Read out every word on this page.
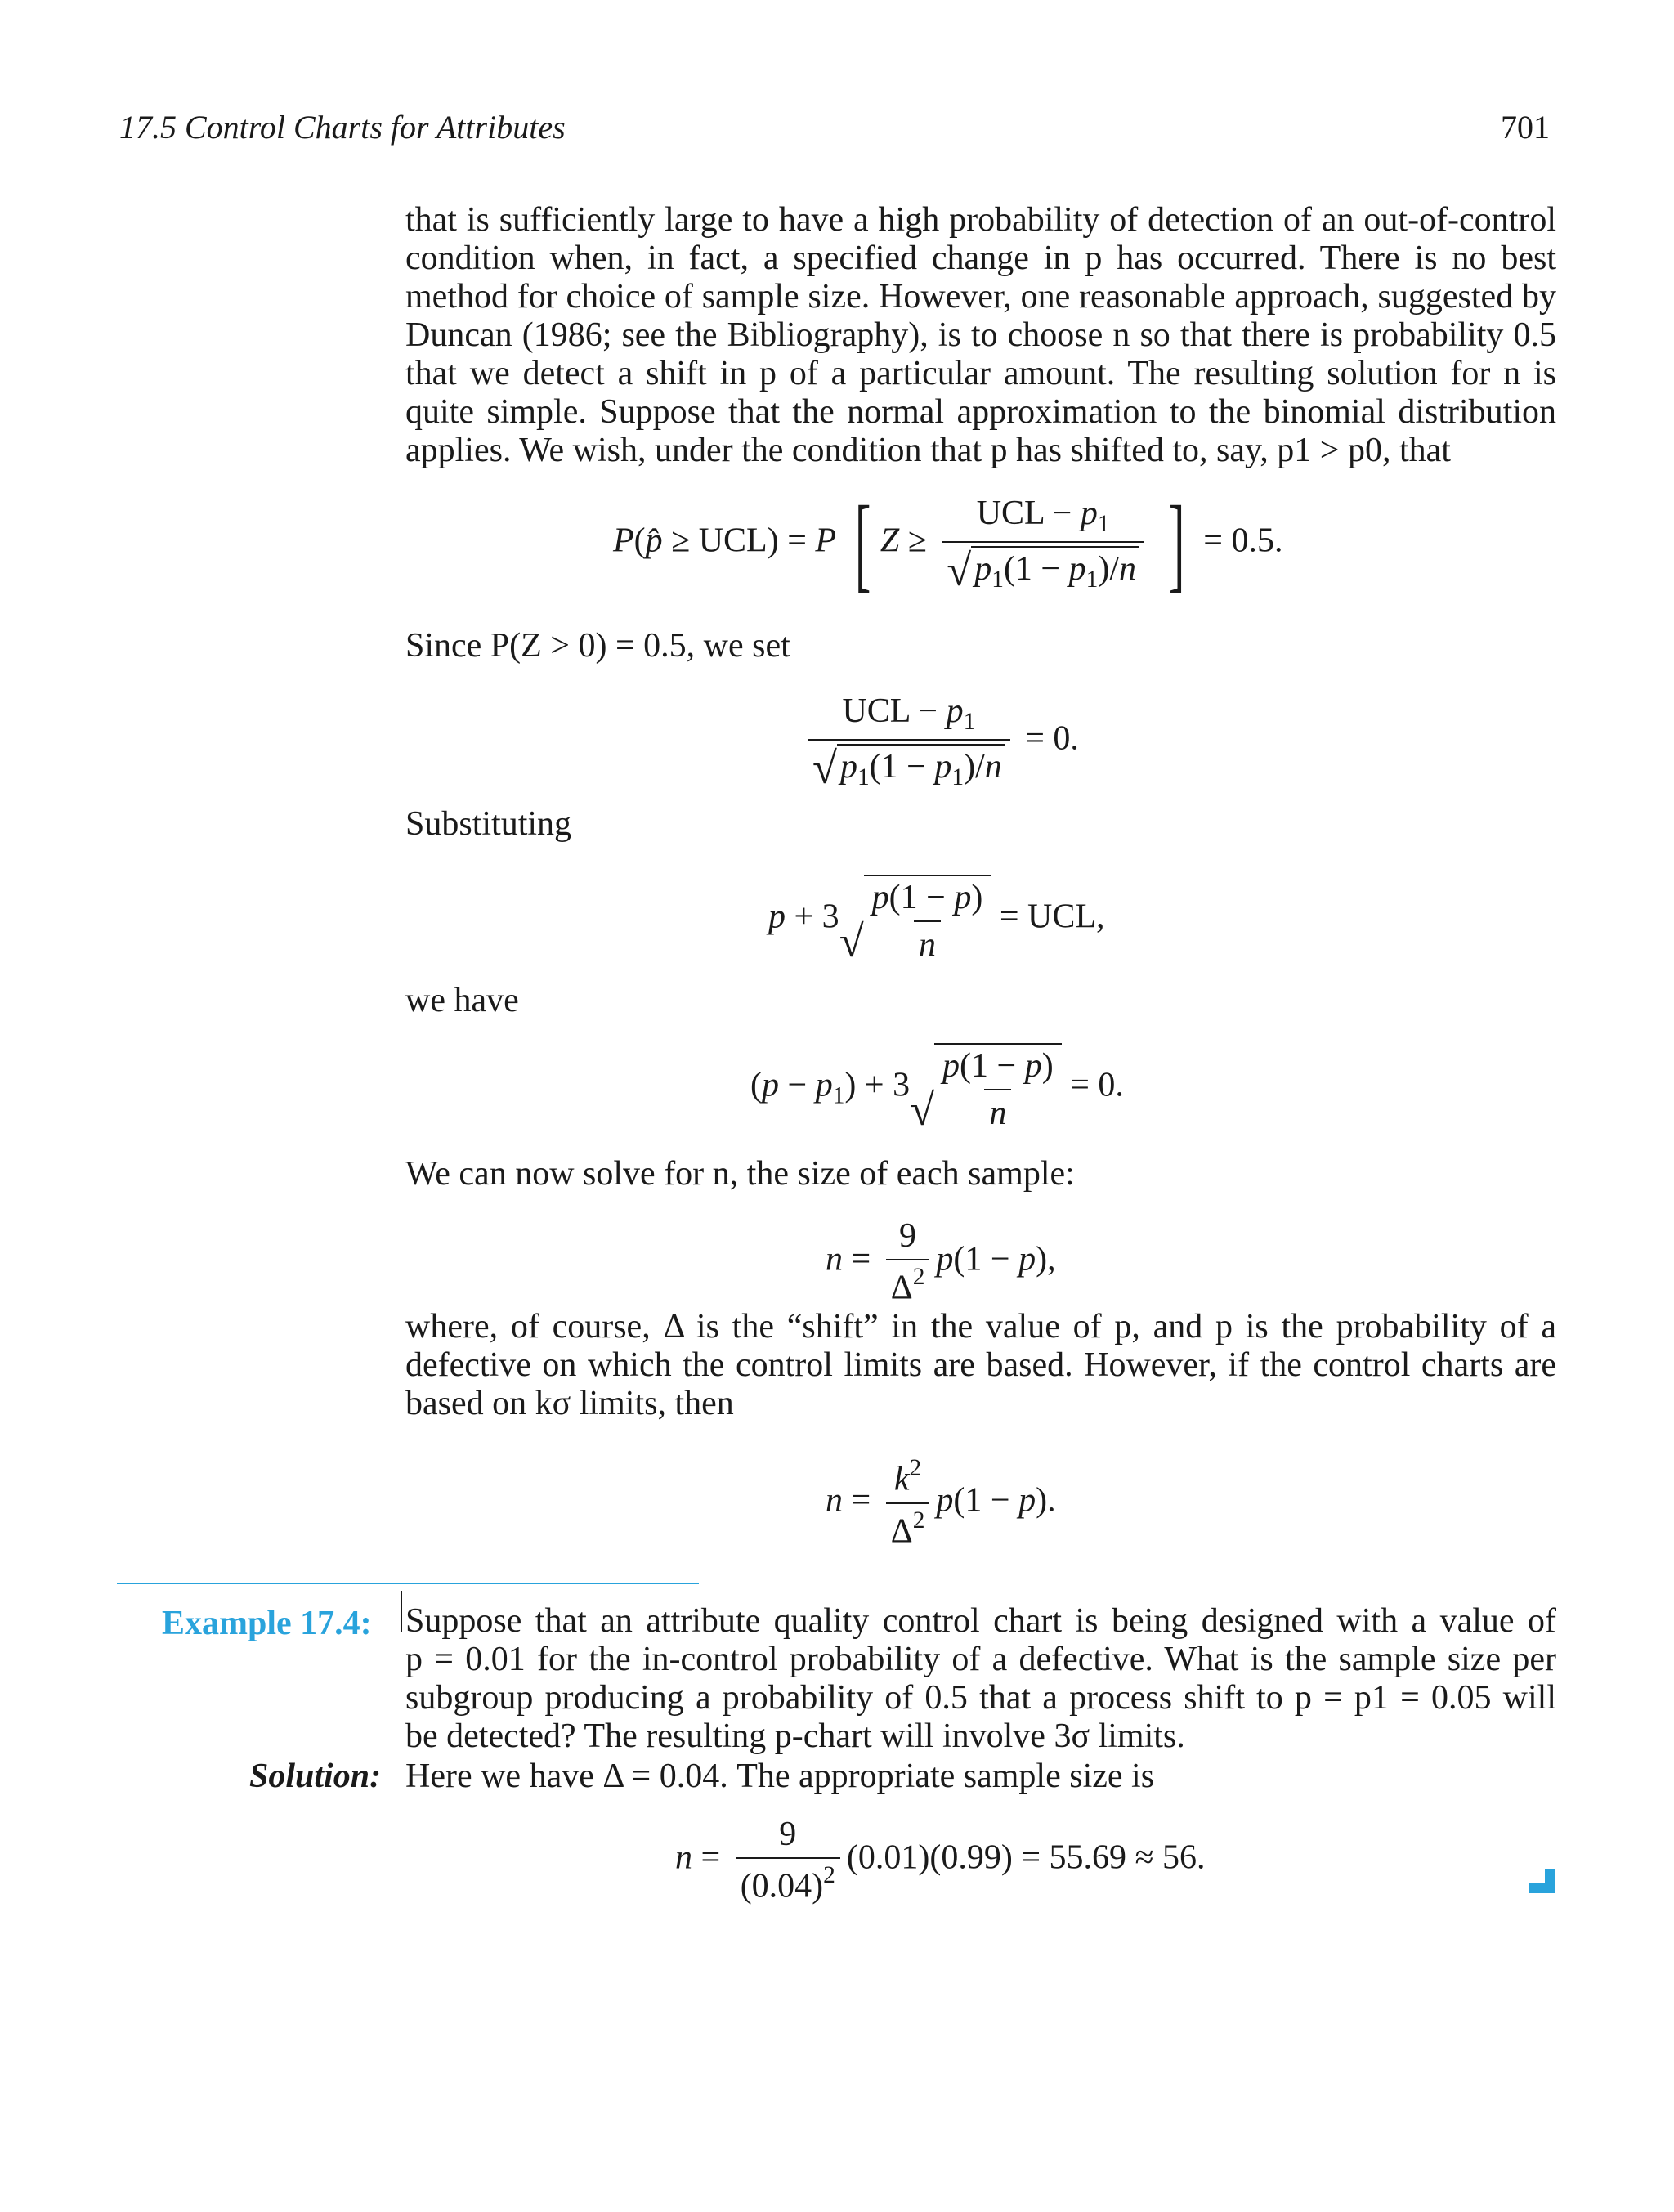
17.5 Control Charts for Attributes	701
that is sufficiently large to have a high probability of detection of an out-of-control
condition when, in fact, a specified change in p has occurred. There is no best
method for choice of sample size. However, one reasonable approach, suggested by
Duncan (1986; see the Bibliography), is to choose n so that there is probability 0.5
that we detect a shift in p of a particular amount. The resulting solution for n is
quite simple. Suppose that the normal approximation to the binomial distribution
applies. We wish, under the condition that p has shifted to, say, p1 > p0, that
P(p̂ ≥ UCL) = P [ $Z \ge \frac{UCL - p_1}{√ p_1(1 - p_1)/n}$ ] = 0.5.
Since P(Z > 0) = 0.5, we set
$\frac{UCL - p_1}{√ p_1(1 - p_1)/n} = 0$.
Substituting
p + 3 √ $\frac{p(1 - p)}{n}$ = UCL,
we have
$(p - p_1) + 3$ √ $\frac{p(1 - p)}{n} = 0$.
We can now solve for n, the size of each sample:
$n = \frac{9}{\Delta^2} p(1 - p)$,
where, of course, Δ is the “shift” in the value of p, and p is the probability of a
defective on which the control limits are based. However, if the control charts are
based on kσ limits, then
$n = \frac{k^2}{\Delta^2} p(1 - p)$.
Example 17.4: Suppose that an attribute quality control chart is being designed with a value of
p = 0.01 for the in-control probability of a defective. What is the sample size per
subgroup producing a probability of 0.5 that a process shift to p = p1 = 0.05 will
be detected? The resulting p-chart will involve 3σ limits.
Solution: Here we have Δ = 0.04. The appropriate sample size is
$n = \frac{9}{(0.04)^2} (0.01)(0.99) = 55.69 \approx 56$.
